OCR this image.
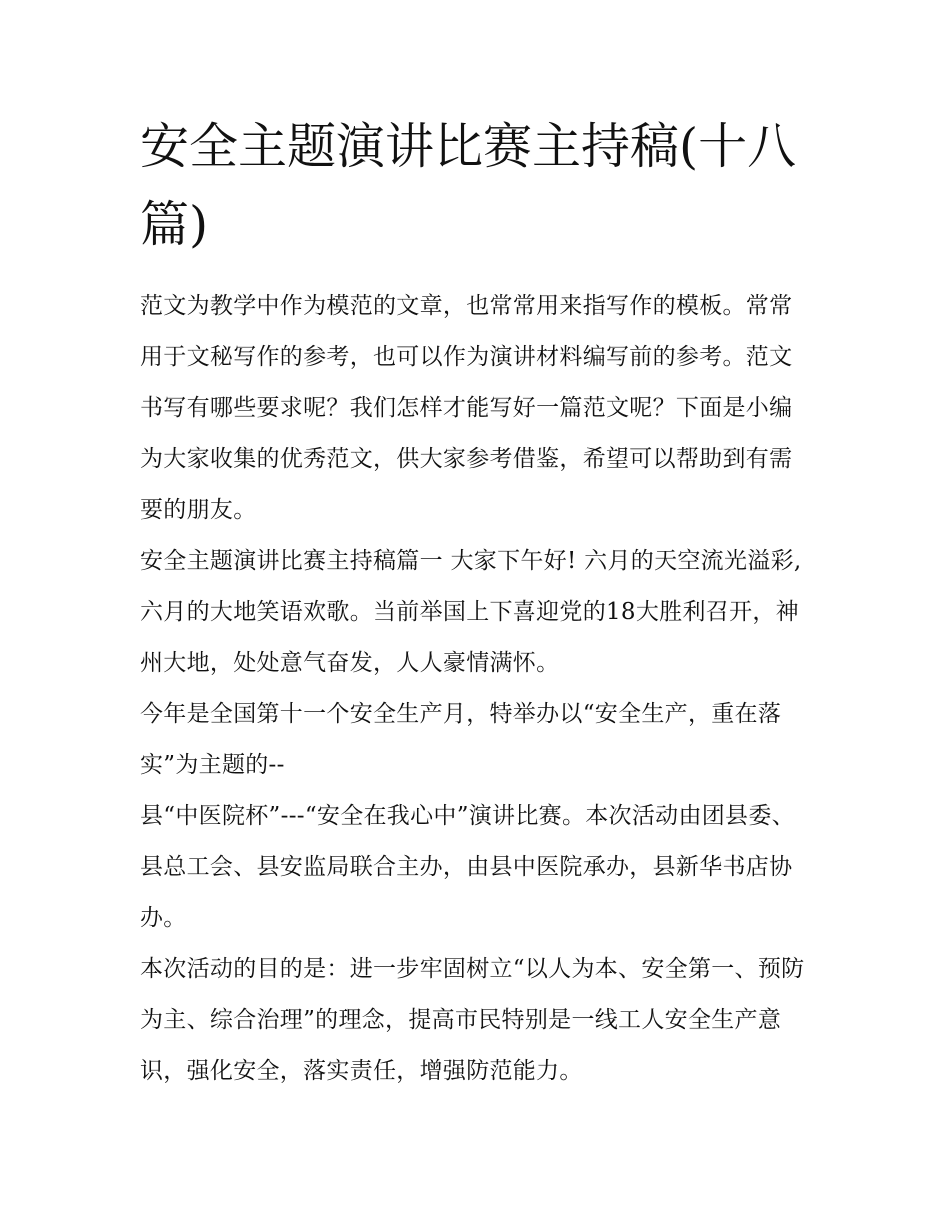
安全主题演讲比赛主持稿(十八篇)

范文为教学中作为模范的文章，也常常用来指写作的模板。常常用于文秘写作的参考，也可以作为演讲材料编写前的参考。范文书写有哪些要求呢？我们怎样才能写好一篇范文呢？下面是小编为大家收集的优秀范文，供大家参考借鉴，希望可以帮助到有需要的朋友。

安全主题演讲比赛主持稿篇一 大家下午好! 六月的天空流光溢彩,六月的大地笑语欢歌。当前举国上下喜迎党的18大胜利召开，神州大地，处处意气奋发，人人豪情满怀。

今年是全国第十一个安全生产月，特举办以“安全生产，重在落实”为主题的--

县“中医院杯”---“安全在我心中”演讲比赛。本次活动由团县委、县总工会、县安监局联合主办，由县中医院承办，县新华书店协办。

本次活动的目的是：进一步牢固树立“以人为本、安全第一、预防为主、综合治理”的理念，提高市民特别是一线工人安全生产意识，强化安全，落实责任，增强防范能力。
